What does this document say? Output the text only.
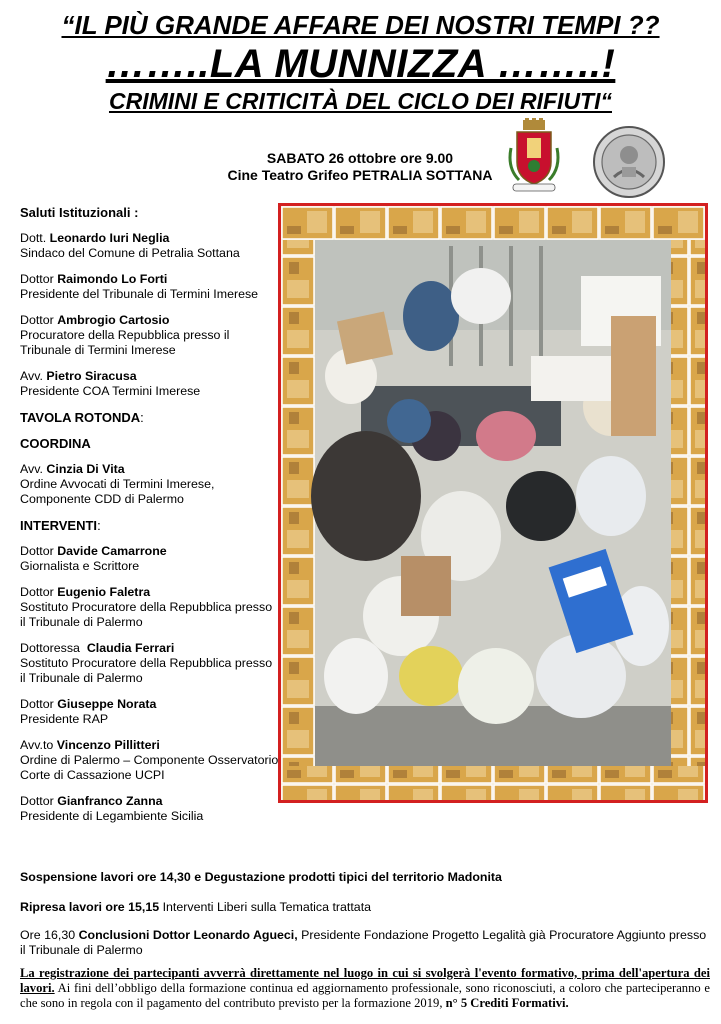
“IL PIÙ GRANDE AFFARE DEI NOSTRI TEMPI ??

……..LA MUNNIZZA ……..!

CRIMINI E CRITICITÀ DEL CICLO DEI RIFIUTI“

SABATO 26 ottobre ore 9.00
Cine Teatro Grifeo PETRALIA SOTTANA
Saluti Istituzionali :
Dott. Leonardo Iuri Neglia
Sindaco del Comune di Petralia Sottana
Dottor Raimondo Lo Forti
Presidente del Tribunale di Termini Imerese
Dottor Ambrogio Cartosio
Procuratore della Repubblica presso il Tribunale di Termini Imerese
Avv. Pietro Siracusa
Presidente COA Termini Imerese
TAVOLA ROTONDA:
COORDINA
Avv. Cinzia Di Vita
Ordine Avvocati di Termini Imerese, Componente CDD di Palermo
INTERVENTI:
Dottor Davide Camarrone
Giornalista e Scrittore
Dottor Eugenio Faletra
Sostituto Procuratore della Repubblica presso il Tribunale di Palermo
Dottoressa Claudia Ferrari
Sostituto Procuratore della Repubblica presso il Tribunale di Palermo
Dottor Giuseppe Norata
Presidente RAP
Avv.to Vincenzo Pillitteri
Ordine di Palermo – Componente Osservatorio Corte di Cassazione UCPI
Dottor Gianfranco Zanna
Presidente di Legambiente Sicilia
Sospensione lavori ore 14,30 e Degustazione prodotti tipici del territorio Madonita
Ripresa lavori ore 15,15 Interventi Liberi sulla Tematica trattata
Ore 16,30 Conclusioni Dottor Leonardo Agueci, Presidente Fondazione Progetto Legalità già Procuratore Aggiunto presso il Tribunale di Palermo
La registrazione dei partecipanti avverrà direttamente nel luogo in cui si svolgerà l'evento formativo, prima dell'apertura dei lavori. Ai fini dell’obbligo della formazione continua ed aggiornamento professionale, sono riconosciuti, a coloro che parteciperanno e che sono in regola con il pagamento del contributo previsto per la formazione 2019, n° 5 Crediti Formativi.
